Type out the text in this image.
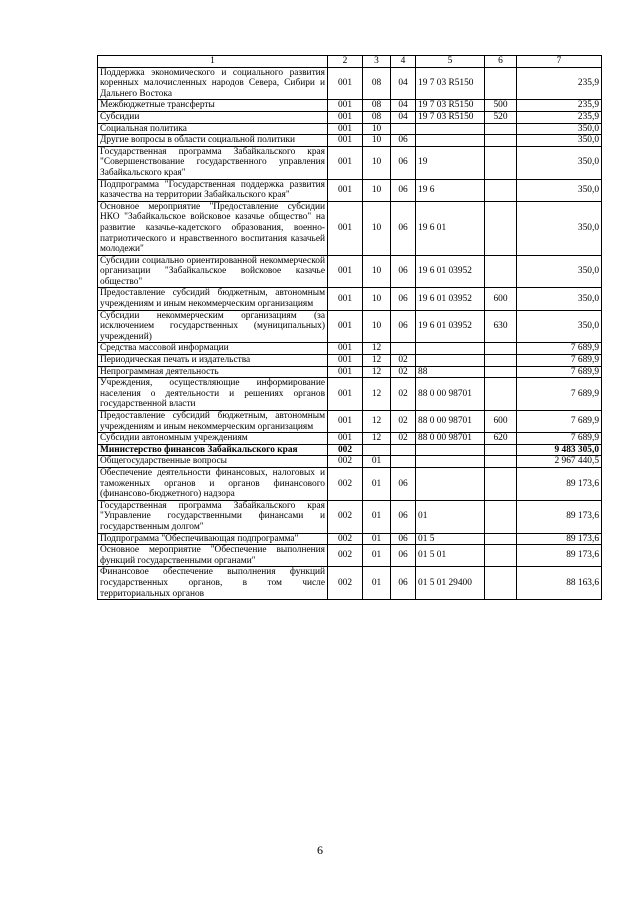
1	2	3	4	5	6	7
Поддержка экономического и социального развития коренных малочисленных народов Севера, Сибири и Дальнего Востока	001	08	04	19 7 03 R5150		235,9
Межбюджетные трансферты	001	08	04	19 7 03 R5150	500	235,9
Субсидии	001	08	04	19 7 03 R5150	520	235,9
Социальная политика	001	10				350,0
Другие вопросы в области социальной политики	001	10	06			350,0
Государственная программа Забайкальского края "Совершенствование государственного управления Забайкальского края"	001	10	06	19		350,0
Подпрограмма "Государственная поддержка развития казачества на территории Забайкальского края"	001	10	06	19 6		350,0
Основное мероприятие "Предоставление субсидии НКО "Забайкальское войсковое казачье общество" на развитие казачье-кадетского образования, военно-патриотического и нравственного воспитания казачьей молодежи"	001	10	06	19 6 01		350,0
Субсидии социально ориентированной некоммерческой организации "Забайкальское войсковое казачье общество"	001	10	06	19 6 01 03952		350,0
Предоставление субсидий бюджетным, автономным учреждениям и иным некоммерческим организациям	001	10	06	19 6 01 03952	600	350,0
Субсидии некоммерческим организациям (за исключением государственных (муниципальных) учреждений)	001	10	06	19 6 01 03952	630	350,0
Средства массовой информации	001	12				7 689,9
Периодическая печать и издательства	001	12	02			7 689,9
Непрограммная деятельность	001	12	02	88		7 689,9
Учреждения, осуществляющие информирование населения о деятельности и решениях органов государственной власти	001	12	02	88 0 00 98701		7 689,9
Предоставление субсидий бюджетным, автономным учреждениям и иным некоммерческим организациям	001	12	02	88 0 00 98701	600	7 689,9
Субсидии автономным учреждениям	001	12	02	88 0 00 98701	620	7 689,9
Министерство финансов Забайкальского края	002					9 483 305,0
Общегосударственные вопросы	002	01				2 967 440,5
Обеспечение деятельности финансовых, налоговых и таможенных органов и органов финансового (финансово-бюджетного) надзора	002	01	06			89 173,6
Государственная программа Забайкальского края "Управление государственными финансами и государственным долгом"	002	01	06	01		89 173,6
Подпрограмма "Обеспечивающая подпрограмма"	002	01	06	01 5		89 173,6
Основное мероприятие "Обеспечение выполнения функций государственными органами"	002	01	06	01 5 01		89 173,6
Финансовое обеспечение выполнения функций государственных органов, в том числе территориальных органов	002	01	06	01 5 01 29400		88 163,6
6
